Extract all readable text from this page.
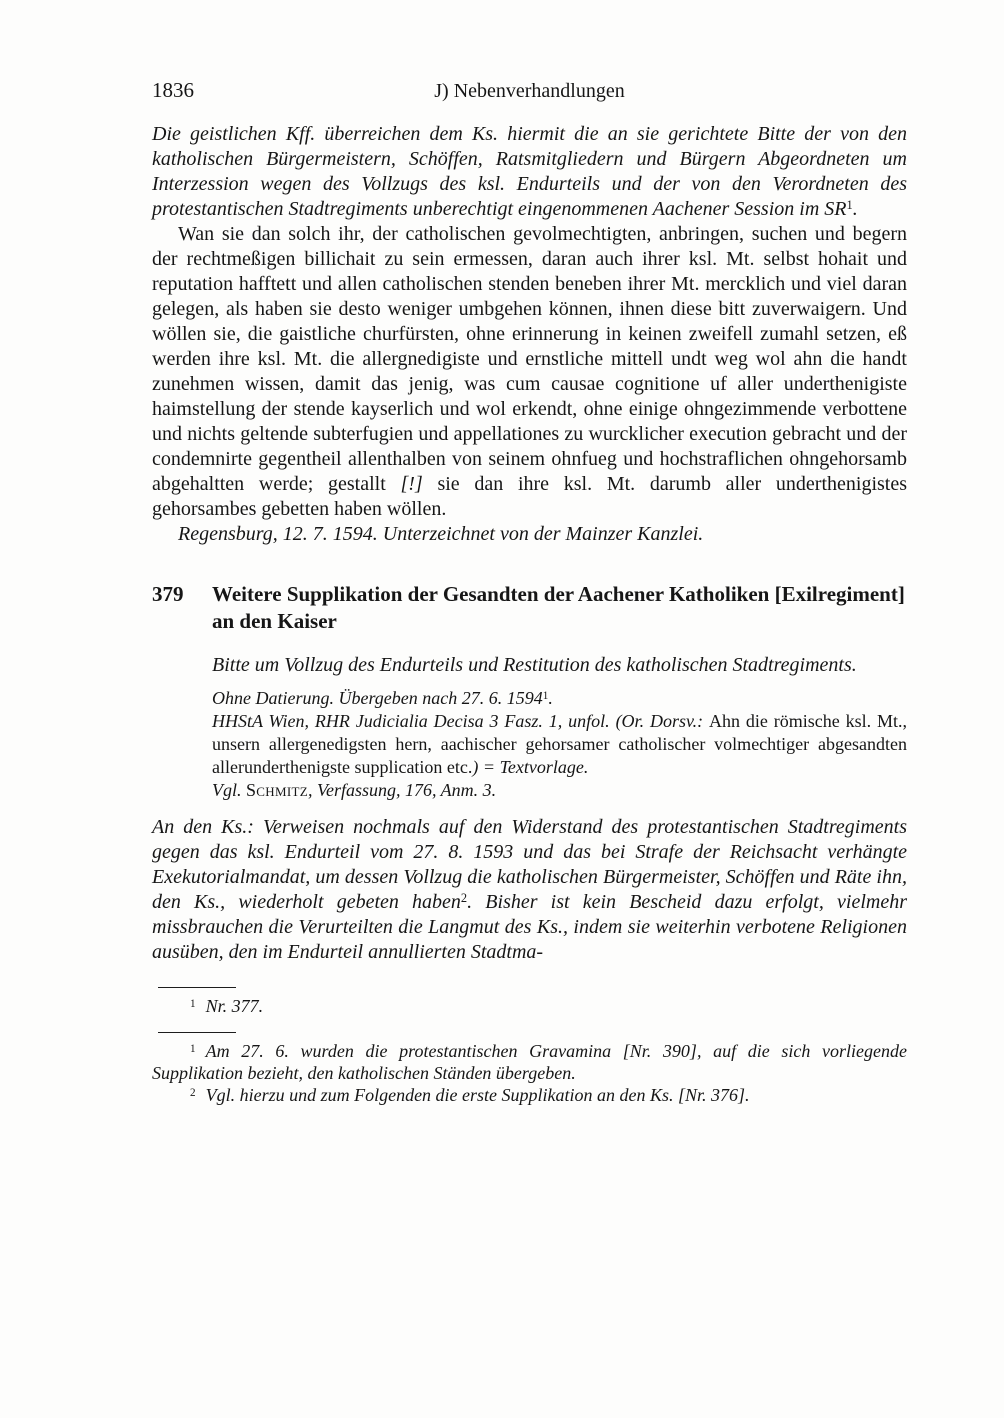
1836	J) Nebenverhandlungen

Die geistlichen Kff. überreichen dem Ks. hiermit die an sie gerichtete Bitte der von den katholischen Bürgermeistern, Schöffen, Ratsmitgliedern und Bürgern Abgeordneten um Interzession wegen des Vollzugs des ksl. Endurteils und der von den Verordneten des protestantischen Stadtregiments unberechtigt eingenommenen Aachener Session im SR$^1$.

Wan sie dan solch ihr, der catholischen gevolmechtigten, anbringen, suchen und begern der rechtmeßigen billichait zu sein ermessen, daran auch ihrer ksl. Mt. selbst hohait und reputation hafftett und allen catholischen stenden beneben ihrer Mt. mercklich und viel daran gelegen, als haben sie desto weniger umbgehen können, ihnen diese bitt zuverwaigern. Und wöllen sie, die gaistliche churfürsten, ohne erinnerung in keinen zweifell zumahl setzen, eß werden ihre ksl. Mt. die allergnedigiste und ernstliche mittell undt weg wol ahn die handt zunehmen wissen, damit das jenig, was cum causae cognitione uf aller underthenigiste haimstellung der stende kayserlich und wol erkendt, ohne einige ohngezimmende verbottene und nichts geltende subterfugien und appellationes zu wurcklicher execution gebracht und der condemnirte gegentheil allenthalben von seinem ohnfueg und hochstraflichen ohngehorsamb abgehaltten werde; gestallt [!] sie dan ihre ksl. Mt. darumb aller underthenigistes gehorsambes gebetten haben wöllen.

Regensburg, 12. 7. 1594. Unterzeichnet von der Mainzer Kanzlei.

379	Weitere Supplikation der Gesandten der Aachener Katholiken [Exilregiment] an den Kaiser

Bitte um Vollzug des Endurteils und Restitution des katholischen Stadtregiments.

Ohne Datierung. Übergeben nach 27. 6. 1594$^1$.

HHStA Wien, RHR Judicialia Decisa 3 Fasz. 1, unfol. (Or. Dorsv.: Ahn die römische ksl. Mt., unsern allergenedigsten hern, aachischer gehorsamer catholischer volmechtiger abgesandten allerunderthenigste supplication etc.) = Textvorlage.

Vgl. Schmitz, Verfassung, 176, Anm. 3.

An den Ks.: Verweisen nochmals auf den Widerstand des protestantischen Stadtregiments gegen das ksl. Endurteil vom 27. 8. 1593 und das bei Strafe der Reichsacht verhängte Exekutorialmandat, um dessen Vollzug die katholischen Bürgermeister, Schöffen und Räte ihn, den Ks., wiederholt gebeten haben$^2$. Bisher ist kein Bescheid dazu erfolgt, vielmehr missbrauchen die Verurteilten die Langmut des Ks., indem sie weiterhin verbotene Religionen ausüben, den im Endurteil annullierten Stadtma-

$^1$ Nr. 377.

$^1$ Am 27. 6. wurden die protestantischen Gravamina [Nr. 390], auf die sich vorliegende Supplikation bezieht, den katholischen Ständen übergeben.

$^2$ Vgl. hierzu und zum Folgenden die erste Supplikation an den Ks. [Nr. 376].
